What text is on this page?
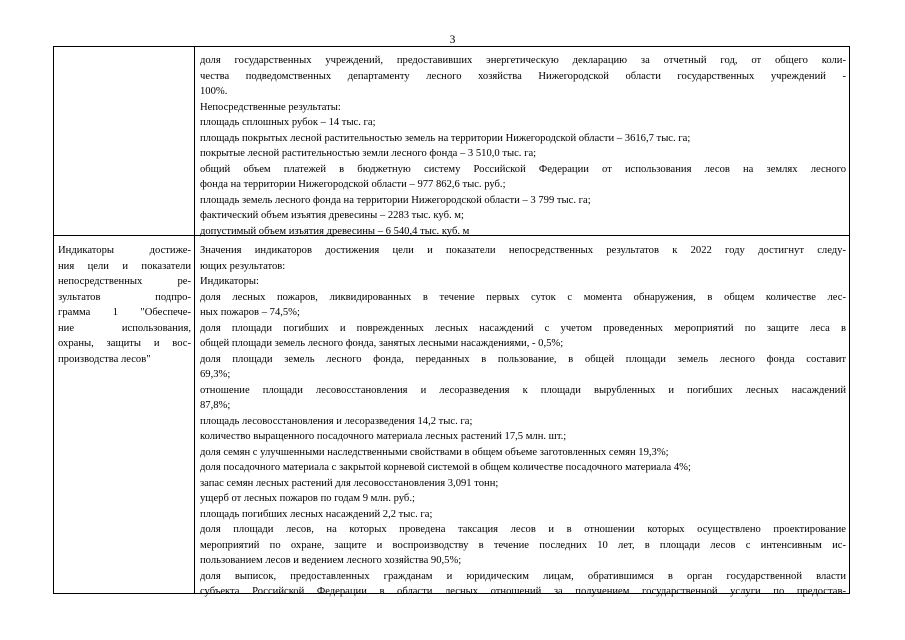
3
доля государственных учреждений, предоставивших энергетическую декларацию за отчетный год, от общего коли-
чества подведомственных департаменту лесного хозяйства Нижегородской области государственных учреждений -
100%.
Непосредственные результаты:
площадь сплошных рубок – 14 тыс. га;
площадь покрытых лесной растительностью земель на территории Нижегородской области – 3616,7 тыс. га;
покрытые лесной растительностью земли лесного фонда – 3 510,0 тыс. га;
общий объем платежей в бюджетную систему Российской Федерации от использования лесов на землях лесного
фонда на территории Нижегородской области – 977 862,6 тыс. руб.;
площадь земель лесного фонда на территории Нижегородской области – 3 799 тыс. га;
фактический объем изъятия древесины – 2283 тыс. куб. м;
допустимый объем изъятия древесины – 6 540,4 тыс. куб. м
Индикаторы достиже-
ния цели и показатели
непосредственных ре-
зультатов подпро-
грамма 1 "Обеспече-
ние использования,
охраны, защиты и вос-
производства лесов"
Значения индикаторов достижения цели и показатели непосредственных результатов к 2022 году достигнут следу-
ющих результатов:
Индикаторы:
доля лесных пожаров, ликвидированных в течение первых суток с момента обнаружения, в общем количестве лес-
ных пожаров – 74,5%;
доля площади погибших и поврежденных лесных насаждений с учетом проведенных мероприятий по защите леса в
общей площади земель лесного фонда, занятых лесными насаждениями, - 0,5%;
доля площади земель лесного фонда, переданных в пользование, в общей площади земель лесного фонда составит
69,3%;
отношение площади лесовосстановления и лесоразведения к площади вырубленных и погибших лесных насаждений
87,8%;
площадь лесовосстановления и лесоразведения 14,2 тыс. га;
количество выращенного посадочного материала лесных растений 17,5 млн. шт.;
доля семян с улучшенными наследственными свойствами в общем объеме заготовленных семян 19,3%;
доля посадочного материала с закрытой корневой системой в общем количестве посадочного материала 4%;
запас семян лесных растений для лесовосстановления 3,091 тонн;
ущерб от лесных пожаров по годам 9 млн. руб.;
площадь погибших лесных насаждений 2,2 тыс. га;
доля площади лесов, на которых проведена таксация лесов и в отношении которых осуществлено проектирование
мероприятий по охране, защите и воспроизводству в течение последних 10 лет, в площади лесов с интенсивным ис-
пользованием лесов и ведением лесного хозяйства 90,5%;
доля выписок, предоставленных гражданам и юридическим лицам, обратившимся в орган государственной власти
субъекта Российской Федерации в области лесных отношений за получением государственной услуги по предостав-
